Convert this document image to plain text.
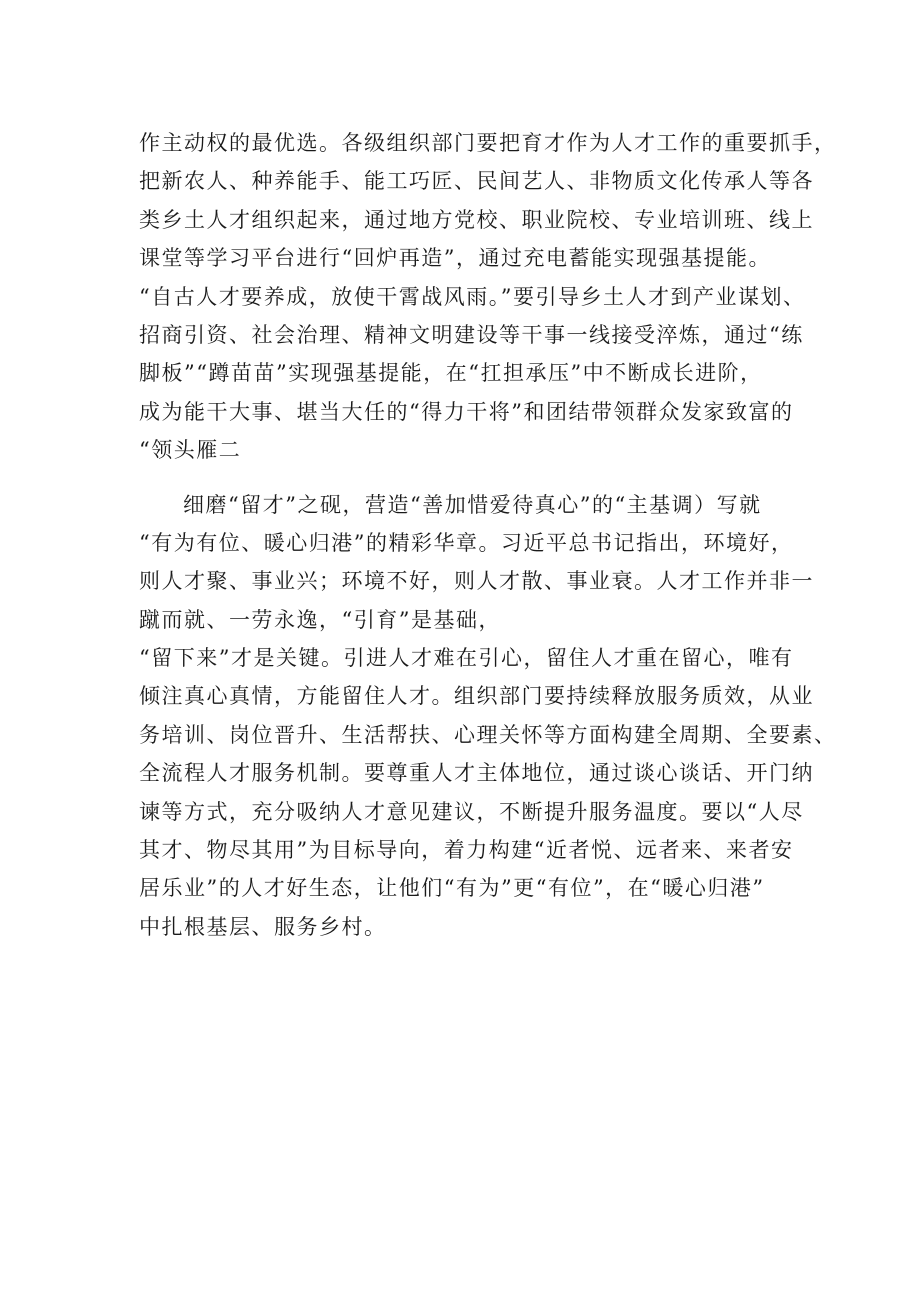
作主动权的最优选。各级组织部门要把育才作为人才工作的重要抓手，
把新农人、种养能手、能工巧匠、民间艺人、非物质文化传承人等各
类乡土人才组织起来，通过地方党校、职业院校、专业培训班、线上
课堂等学习平台进行“回炉再造”，通过充电蓄能实现强基提能。
“自古人才要养成，放使干霄战风雨。”要引导乡土人才到产业谋划、
招商引资、社会治理、精神文明建设等干事一线接受淬炼，通过“练
脚板”“蹲苗苗”实现强基提能，在“扛担承压”中不断成长进阶，
成为能干大事、堪当大任的“得力干将”和团结带领群众发家致富的
“领头雁二
细磨“留才”之砚，营造“善加惜爱待真心”的“主基调）写就
“有为有位、暖心归港”的精彩华章。习近平总书记指出，环境好，
则人才聚、事业兴；环境不好，则人才散、事业衰。人才工作并非一
蹴而就、一劳永逸，“引育”是基础，
“留下来”才是关键。引进人才难在引心，留住人才重在留心，唯有
倾注真心真情，方能留住人才。组织部门要持续释放服务质效，从业
务培训、岗位晋升、生活帮扶、心理关怀等方面构建全周期、全要素、
全流程人才服务机制。要尊重人才主体地位，通过谈心谈话、开门纳
谏等方式，充分吸纳人才意见建议，不断提升服务温度。要以“人尽
其才、物尽其用”为目标导向，着力构建“近者悦、远者来、来者安
居乐业”的人才好生态，让他们“有为”更“有位”，在“暖心归港”
中扎根基层、服务乡村。
